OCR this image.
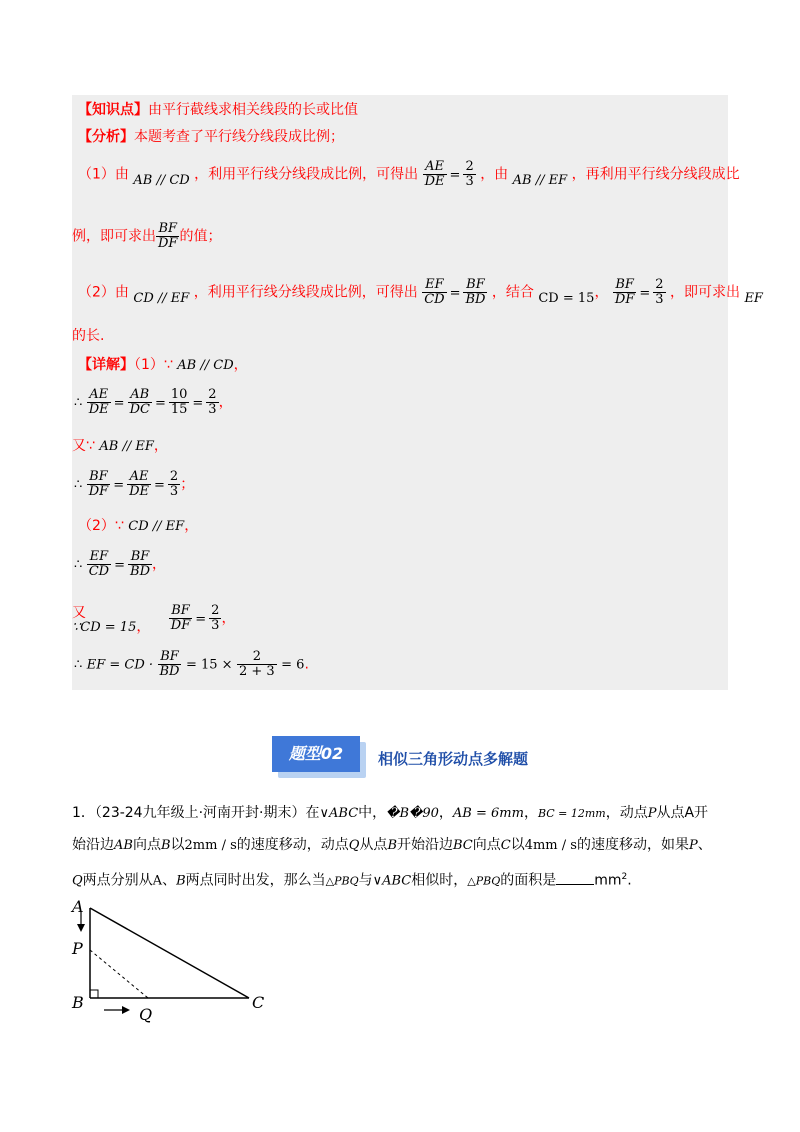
【知识点】由平行截线求相关线段的长或比值
【分析】本题考查了平行线分线段成比例；
（1）由 AB // CD ，利用平行线分线段成比例，可得出 $\frac{AE}{DE} = \frac{2}{3}$ ，由 AB // EF ，再利用平行线分线段成比
例，即可求出 $\frac{BF}{DF}$ 的值；
（2）由 CD // EF ，利用平行线分线段成比例，可得出 $\frac{EF}{CD} = \frac{BF}{BD}$ ，结合 CD = 15， $\frac{BF}{DF} = \frac{2}{3}$ ，即可求出 EF
的长.
【详解】（1）∵ AB // CD，
∴ $\frac{AE}{DE} = \frac{AB}{DC} = \frac{10}{15} = \frac{2}{3}$ ，
又∵ AB // EF，
∴ $\frac{BF}{DF} = \frac{AE}{DE} = \frac{2}{3}$ ；
（2）∵ CD // EF，
∴ $\frac{EF}{CD} = \frac{BF}{BD}$ ，
又∵CD = 15， $\frac{BF}{DF} = \frac{2}{3}$ ，
∴ EF = CD · $\frac{BF}{BD} = 15 \times \frac{2}{2 + 3} = 6$.
题型02	相似三角形动点多解题
1．（23-24九年级上·河南开封·期末）在∨ABC中，�B�90，AB = 6mm，BC = 12mm，动点P从点A开
始沿边AB向点B以2mm / s的速度移动，动点Q从点B开始沿边BC向点C以4mm / s的速度移动，如果P、
Q两点分别从A、B两点同时出发，那么当△PBQ与∨ABC相似时，△PBQ的面积是	$mm^2$.
A
P
B
Q
C
